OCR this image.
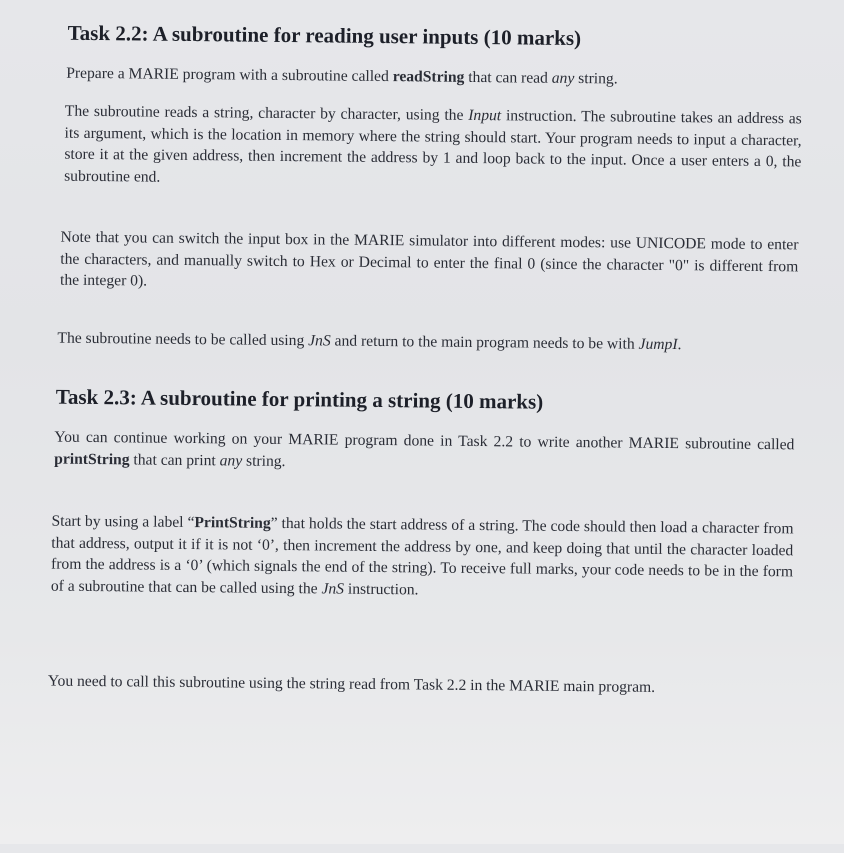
Task 2.2: A subroutine for reading user inputs (10 marks)

Prepare a MARIE program with a subroutine called readString that can read any string.

The subroutine reads a string, character by character, using the Input instruction. The subroutine takes an address as its argument, which is the location in memory where the string should start. Your program needs to input a character, store it at the given address, then increment the address by 1 and loop back to the input. Once a user enters a 0, the subroutine end.

Note that you can switch the input box in the MARIE simulator into different modes: use UNICODE mode to enter the characters, and manually switch to Hex or Decimal to enter the final 0 (since the character "0" is different from the integer 0).

The subroutine needs to be called using JnS and return to the main program needs to be with JumpI.

Task 2.3: A subroutine for printing a string (10 marks)

You can continue working on your MARIE program done in Task 2.2 to write another MARIE subroutine called printString that can print any string.

Start by using a label “PrintString” that holds the start address of a string. The code should then load a character from that address, output it if it is not ‘0’, then increment the address by one, and keep doing that until the character loaded from the address is a ‘0’ (which signals the end of the string). To receive full marks, your code needs to be in the form of a subroutine that can be called using the JnS instruction.

You need to call this subroutine using the string read from Task 2.2 in the MARIE main program.
